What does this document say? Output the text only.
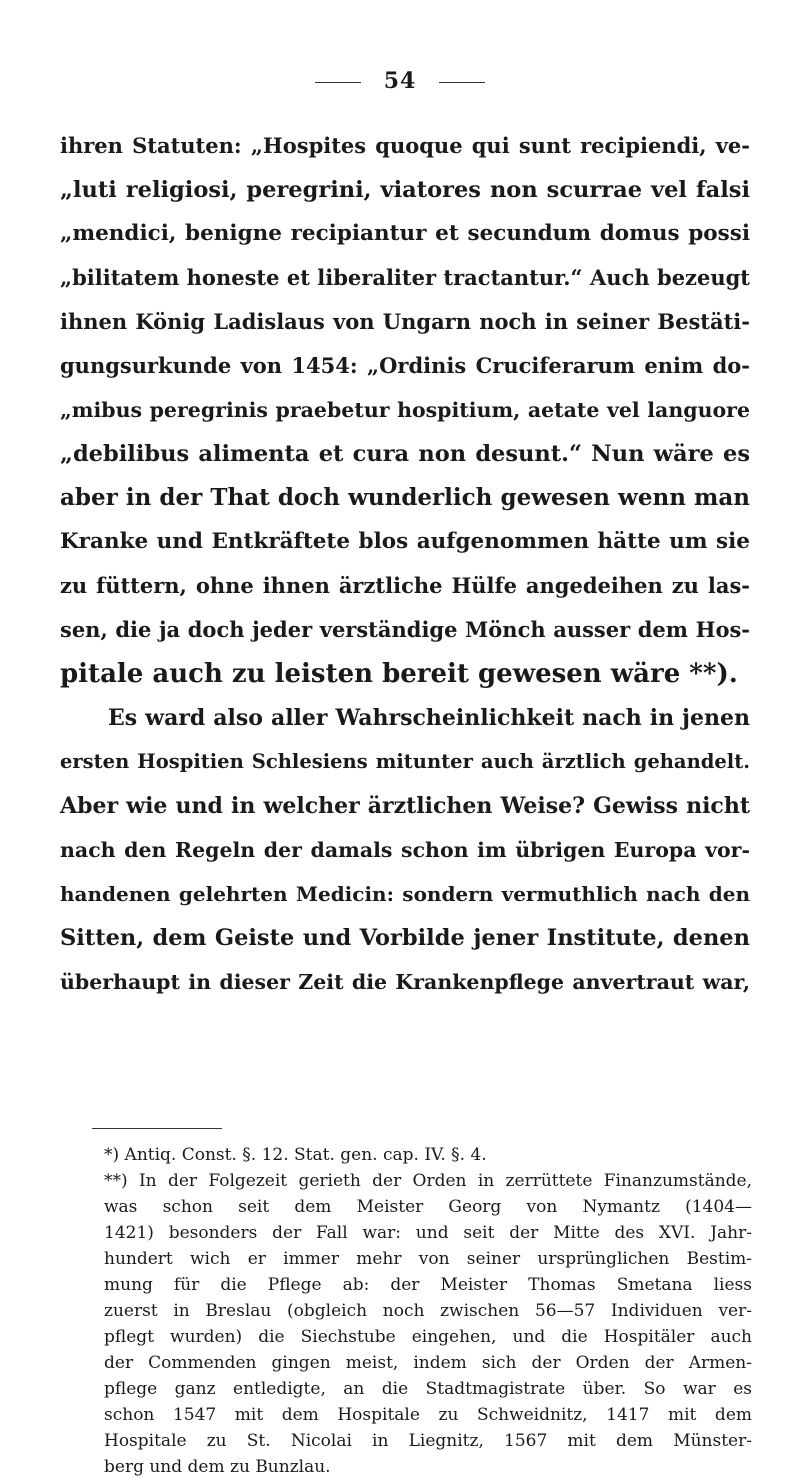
54
ihren Statuten: „Hospites quoque qui sunt recipiendi, ve-
„luti religiosi, peregrini, viatores non scurrae vel falsi
„mendici, benigne recipiantur et secundum domus possi
„bilitatem honeste et liberaliter tractantur.“ Auch bezeugt
ihnen König Ladislaus von Ungarn noch in seiner Bestäti-
gungsurkunde von 1454: „Ordinis Cruciferarum enim do-
„mibus peregrinis praebetur hospitium, aetate vel languore
„debilibus alimenta et cura non desunt.“ Nun wäre es
aber in der That doch wunderlich gewesen wenn man
Kranke und Entkräftete blos aufgenommen hätte um sie
zu füttern, ohne ihnen ärztliche Hülfe angedeihen zu las-
sen, die ja doch jeder verständige Mönch ausser dem Hos-
pitale auch zu leisten bereit gewesen wäre **).
Es ward also aller Wahrscheinlichkeit nach in jenen
ersten Hospitien Schlesiens mitunter auch ärztlich gehandelt.
Aber wie und in welcher ärztlichen Weise? Gewiss nicht
nach den Regeln der damals schon im übrigen Europa vor-
handenen gelehrten Medicin: sondern vermuthlich nach den
Sitten, dem Geiste und Vorbilde jener Institute, denen
überhaupt in dieser Zeit die Krankenpflege anvertraut war,
*) Antiq. Const. §. 12. Stat. gen. cap. IV. §. 4.
**) In der Folgezeit gerieth der Orden in zerrüttete Finanzumstände,
was schon seit dem Meister Georg von Nymantz (1404—
1421) besonders der Fall war: und seit der Mitte des XVI. Jahr-
hundert wich er immer mehr von seiner ursprünglichen Bestim-
mung für die Pflege ab: der Meister Thomas Smetana liess
zuerst in Breslau (obgleich noch zwischen 56—57 Individuen ver-
pflegt wurden) die Siechstube eingehen, und die Hospitäler auch
der Commenden gingen meist, indem sich der Orden der Armen-
pflege ganz entledigte, an die Stadtmagistrate über. So war es
schon 1547 mit dem Hospitale zu Schweidnitz, 1417 mit dem
Hospitale zu St. Nicolai in Liegnitz, 1567 mit dem Münster-
berg und dem zu Bunzlau.
